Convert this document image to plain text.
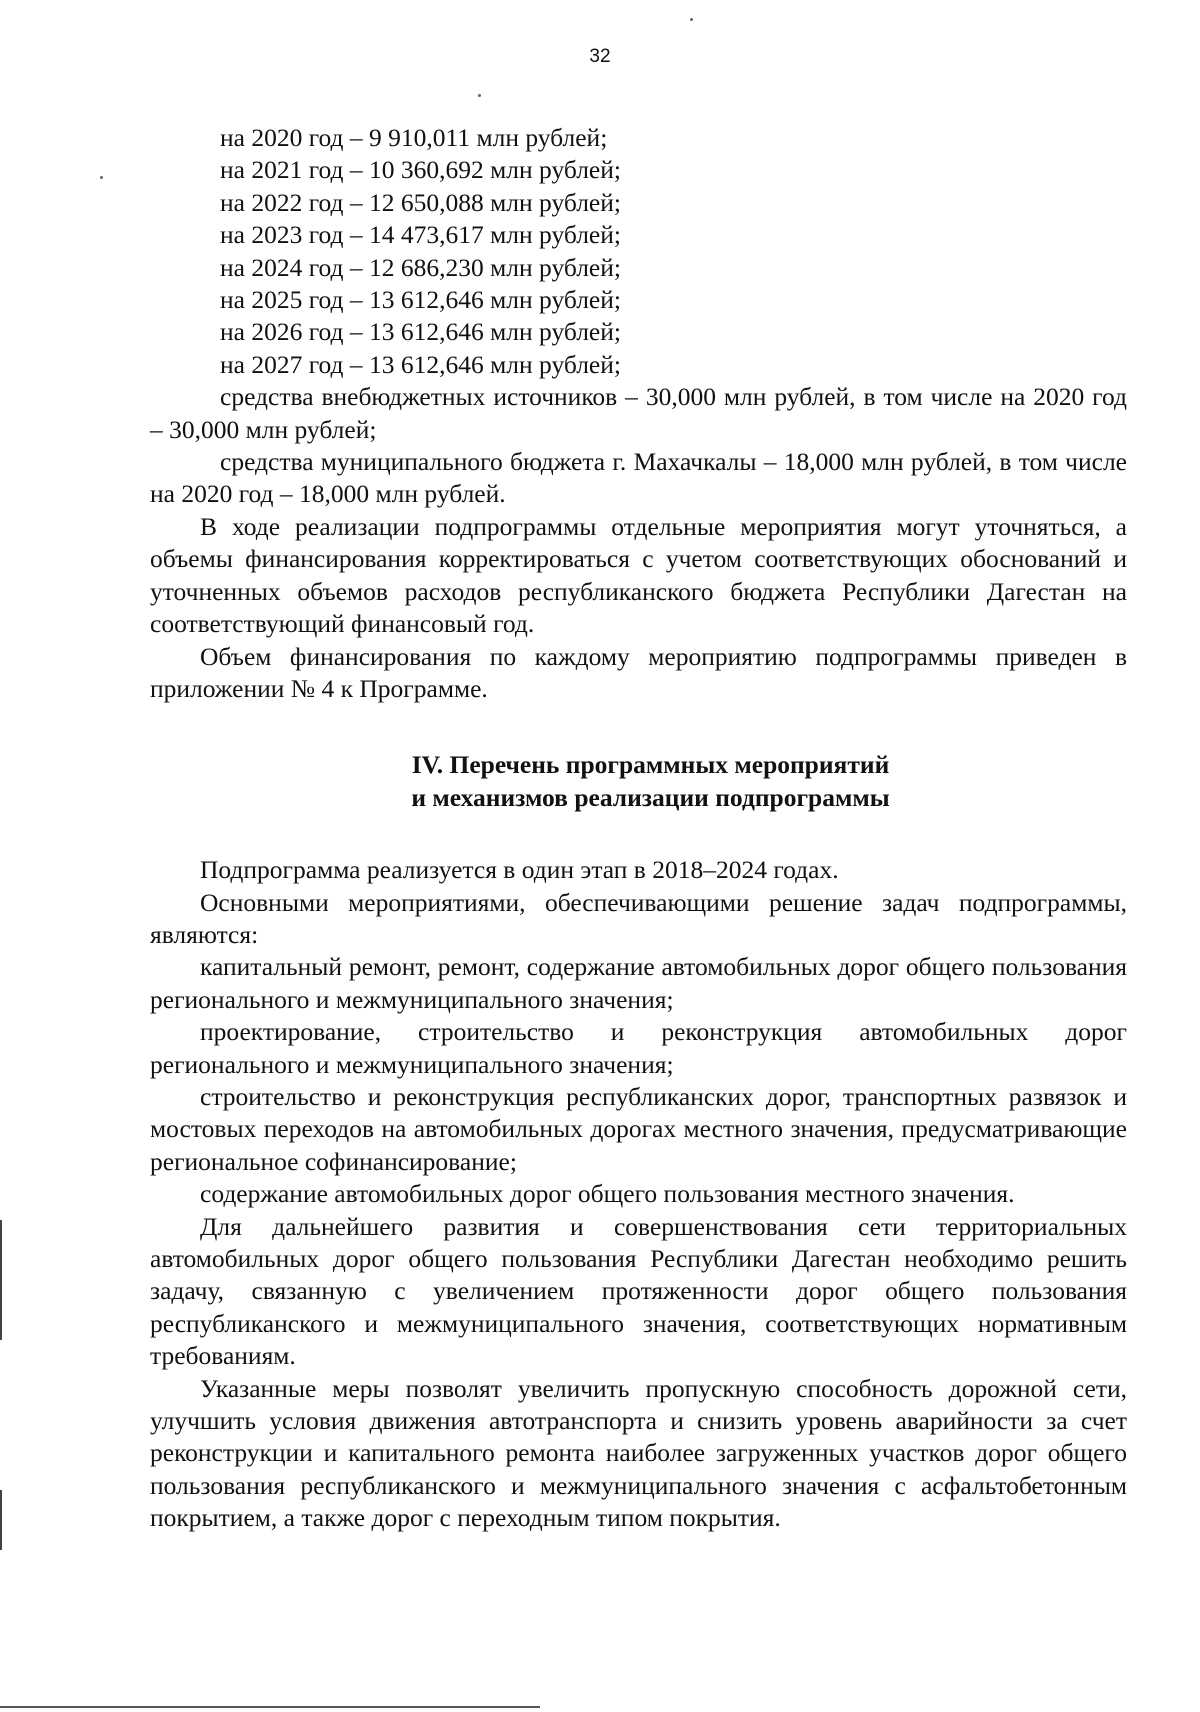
32

на 2020 год – 9 910,011 млн рублей;

на 2021 год – 10 360,692 млн рублей;

на 2022 год – 12 650,088 млн рублей;

на 2023 год – 14 473,617 млн рублей;

на 2024 год – 12 686,230 млн рублей;

на 2025 год – 13 612,646 млн рублей;

на 2026 год – 13 612,646 млн рублей;

на 2027 год – 13 612,646 млн рублей;

средства внебюджетных источников – 30,000 млн рублей, в том числе на 2020 год – 30,000 млн рублей;

средства муниципального бюджета г. Махачкалы – 18,000 млн рублей, в том числе на 2020 год – 18,000 млн рублей.

В ходе реализации подпрограммы отдельные мероприятия могут уточняться, а объемы финансирования корректироваться с учетом соответствующих обоснований и уточненных объемов расходов республиканского бюджета Республики Дагестан на соответствующий финансовый год.

Объем финансирования по каждому мероприятию подпрограммы приведен в приложении № 4 к Программе.

IV. Перечень программных мероприятий

и механизмов реализации подпрограммы

Подпрограмма реализуется в один этап в 2018–2024 годах.

Основными мероприятиями, обеспечивающими решение задач подпрограммы, являются:

капитальный ремонт, ремонт, содержание автомобильных дорог общего пользования регионального и межмуниципального значения;

проектирование, строительство и реконструкция автомобильных дорог регионального и межмуниципального значения;

строительство и реконструкция республиканских дорог, транспортных развязок и мостовых переходов на автомобильных дорогах местного значения, предусматривающие региональное софинансирование;

содержание автомобильных дорог общего пользования местного значения.

Для дальнейшего развития и совершенствования сети территориальных автомобильных дорог общего пользования Республики Дагестан необходимо решить задачу, связанную с увеличением протяженности дорог общего пользования республиканского и межмуниципального значения, соответствующих нормативным требованиям.

Указанные меры позволят увеличить пропускную способность дорожной сети, улучшить условия движения автотранспорта и снизить уровень аварийности за счет реконструкции и капитального ремонта наиболее загруженных участков дорог общего пользования республиканского и межмуниципального значения с асфальтобетонным покрытием, а также дорог с переходным типом покрытия.
